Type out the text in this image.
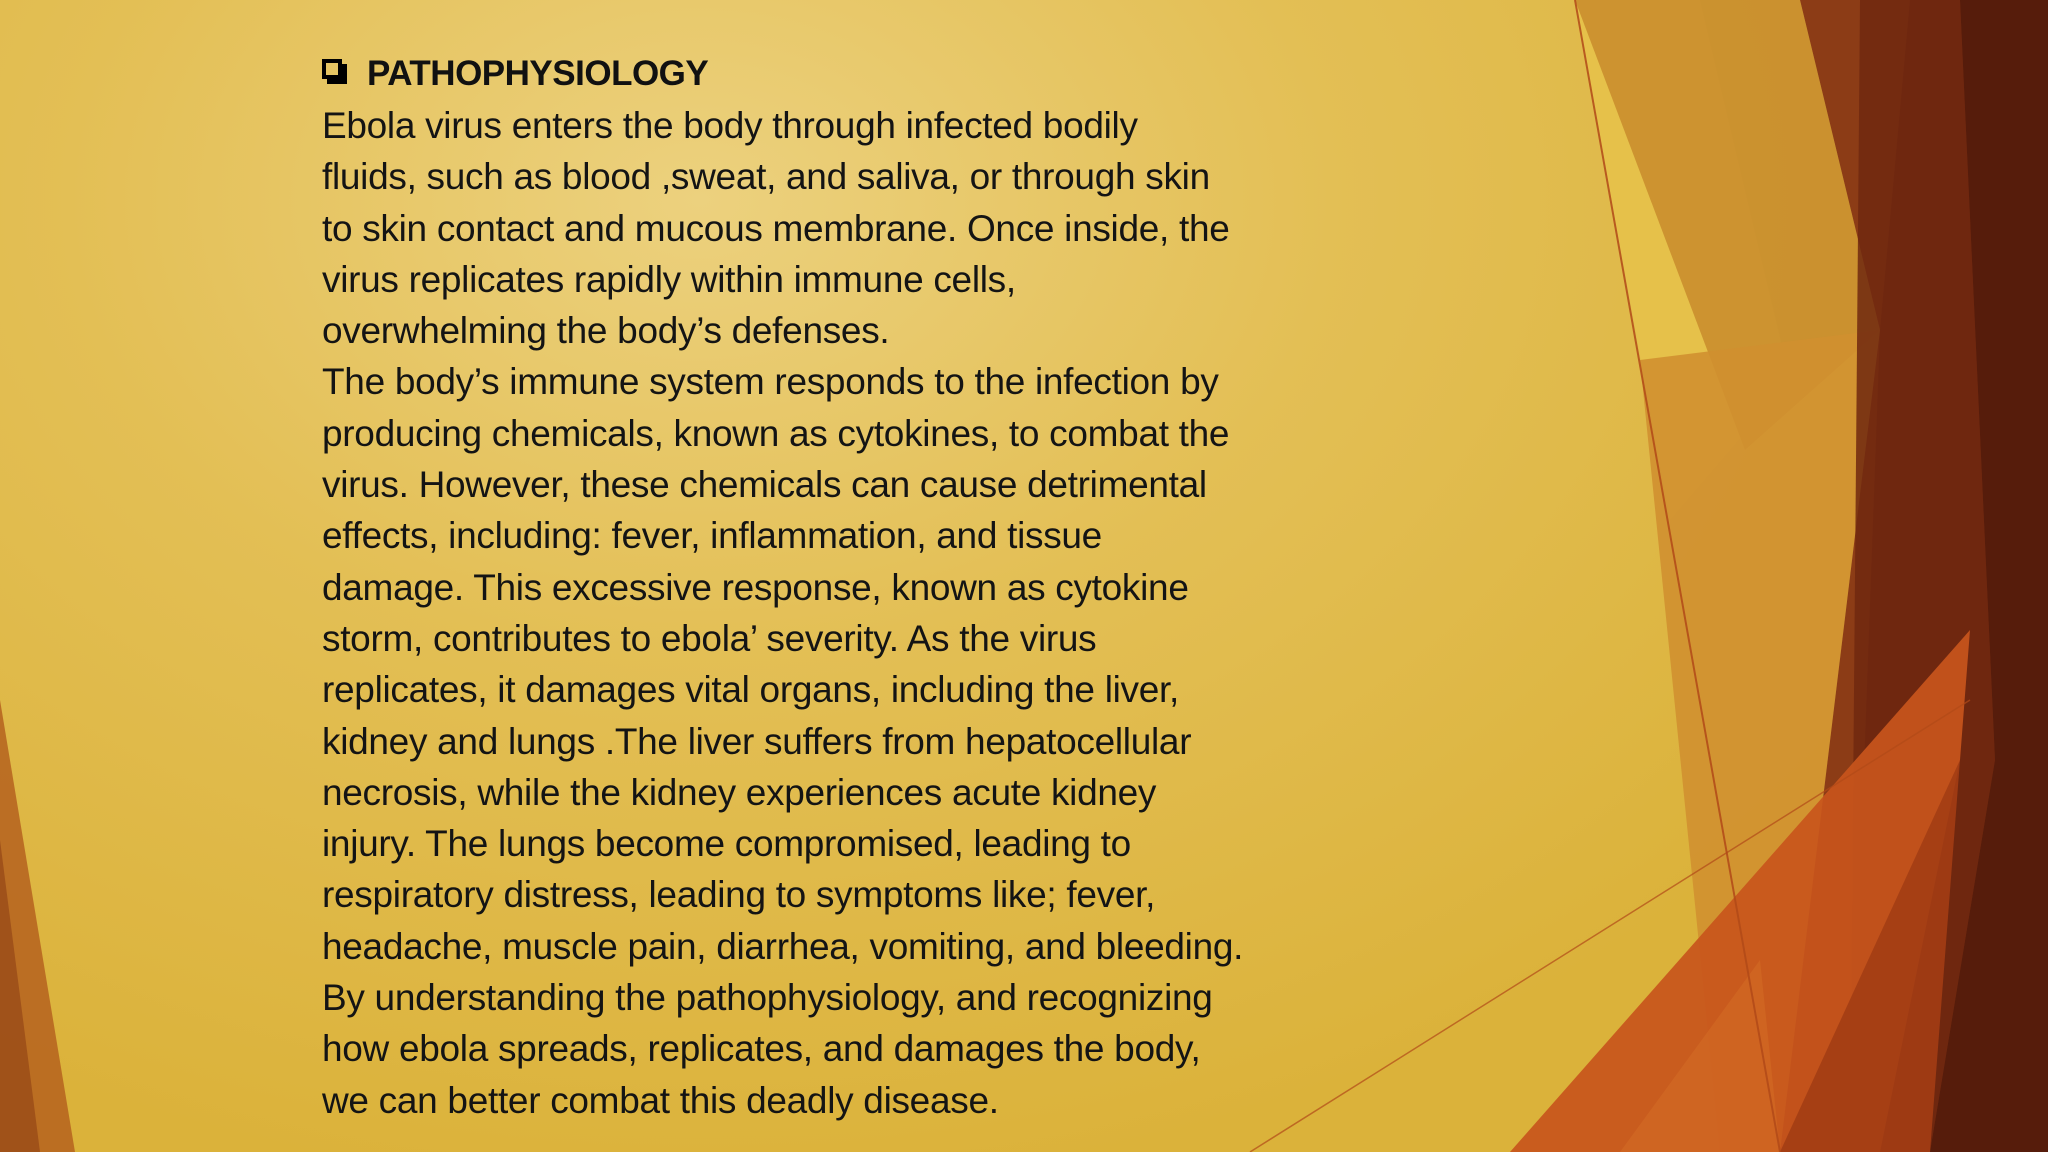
PATHOPHYSIOLOGY
Ebola virus enters the body through infected bodily
fluids, such as blood ,sweat, and saliva, or through skin
to skin contact and mucous membrane. Once inside, the
virus replicates rapidly within immune cells,
overwhelming the body’s defenses.
The body’s immune system responds to the infection by
producing chemicals, known as cytokines, to combat the
virus. However, these chemicals can cause detrimental
effects, including: fever, inflammation, and tissue
damage. This excessive response, known as cytokine
storm, contributes to ebola’ severity. As the virus
replicates, it damages vital organs, including the liver,
kidney and lungs .The liver suffers from hepatocellular
necrosis, while the kidney experiences acute kidney
injury. The lungs become compromised, leading to
respiratory distress, leading to symptoms like; fever,
headache, muscle pain, diarrhea, vomiting, and bleeding.
By understanding the pathophysiology, and recognizing
how ebola spreads, replicates, and damages the body,
we can better combat this deadly disease.
